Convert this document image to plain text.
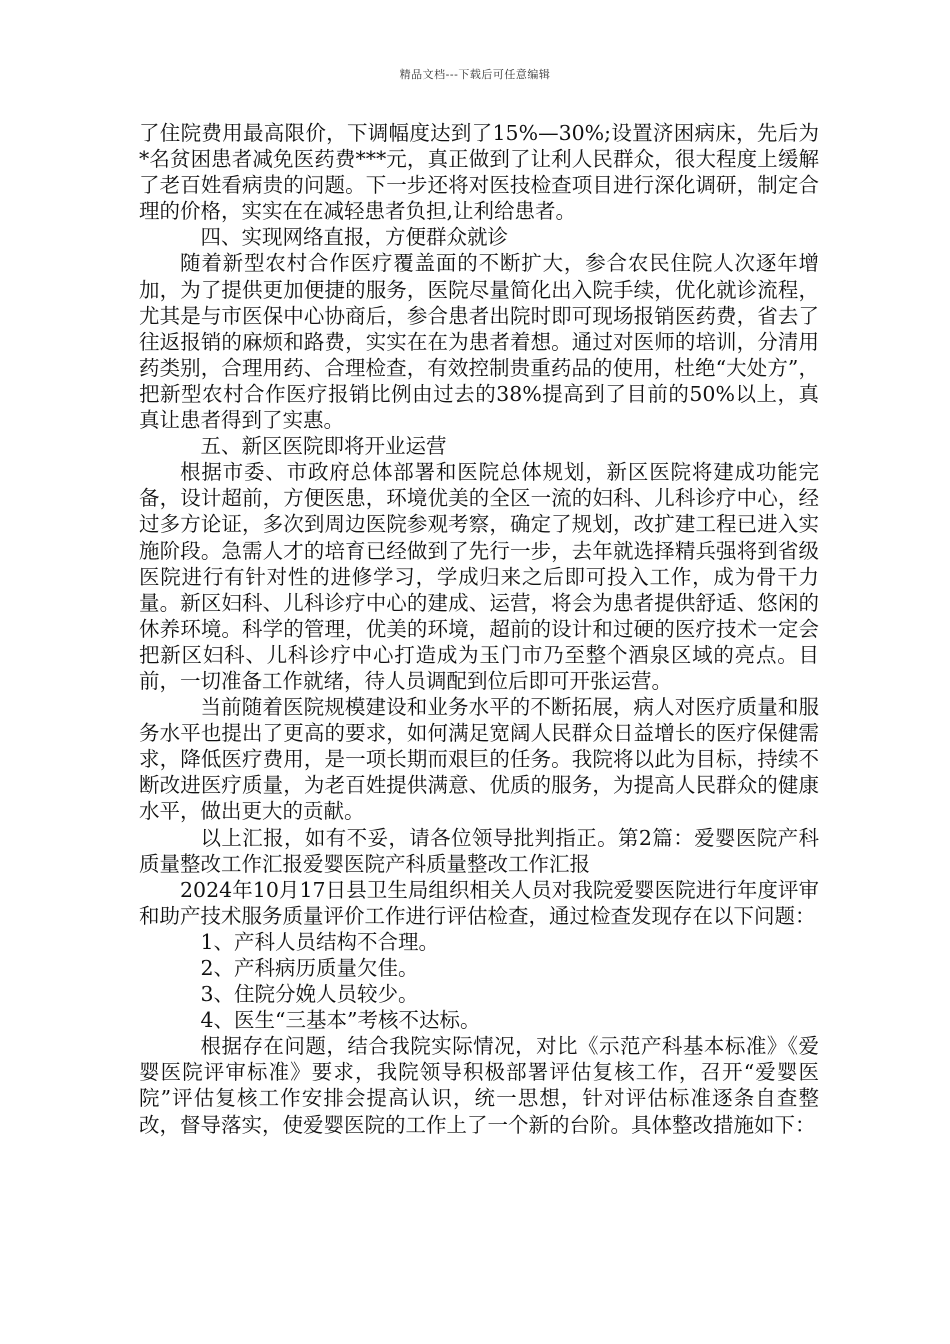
精品文档---下载后可任意编辑

了住院费用最高限价，下调幅度达到了15%—30%;设置济困病床，先后为*名贫困患者减免医药费***元，真正做到了让利人民群众，很大程度上缓解了老百姓看病贵的问题。下一步还将对医技检查项目进行深化调研，制定合理的价格，实实在在减轻患者负担,让利给患者。

四、实现网络直报，方便群众就诊

随着新型农村合作医疗覆盖面的不断扩大，参合农民住院人次逐年增加，为了提供更加便捷的服务，医院尽量简化出入院手续，优化就诊流程，尤其是与市医保中心协商后，参合患者出院时即可现场报销医药费，省去了往返报销的麻烦和路费，实实在在为患者着想。通过对医师的培训，分清用药类别，合理用药、合理检查，有效控制贵重药品的使用，杜绝“大处方”，把新型农村合作医疗报销比例由过去的38%提高到了目前的50%以上，真真让患者得到了实惠。

五、新区医院即将开业运营

根据市委、市政府总体部署和医院总体规划，新区医院将建成功能完备，设计超前，方便医患，环境优美的全区一流的妇科、儿科诊疗中心，经过多方论证，多次到周边医院参观考察，确定了规划，改扩建工程已进入实施阶段。急需人才的培育已经做到了先行一步，去年就选择精兵强将到省级医院进行有针对性的进修学习，学成归来之后即可投入工作，成为骨干力量。新区妇科、儿科诊疗中心的建成、运营，将会为患者提供舒适、悠闲的休养环境。科学的管理，优美的环境，超前的设计和过硬的医疗技术一定会把新区妇科、儿科诊疗中心打造成为玉门市乃至整个酒泉区域的亮点。目前，一切准备工作就绪，待人员调配到位后即可开张运营。

当前随着医院规模建设和业务水平的不断拓展，病人对医疗质量和服务水平也提出了更高的要求，如何满足宽阔人民群众日益增长的医疗保健需求，降低医疗费用，是一项长期而艰巨的任务。我院将以此为目标，持续不断改进医疗质量，为老百姓提供满意、优质的服务，为提高人民群众的健康水平，做出更大的贡献。

以上汇报，如有不妥，请各位领导批判指正。第2篇：爱婴医院产科质量整改工作汇报爱婴医院产科质量整改工作汇报

2024年10月17日县卫生局组织相关人员对我院爱婴医院进行年度评审和助产技术服务质量评价工作进行评估检查，通过检查发现存在以下问题：

1、产科人员结构不合理。

2、产科病历质量欠佳。

3、住院分娩人员较少。

4、医生“三基本”考核不达标。

根据存在问题，结合我院实际情况，对比《示范产科基本标准》《爱婴医院评审标准》要求，我院领导积极部署评估复核工作，召开“爱婴医院”评估复核工作安排会提高认识，统一思想，针对评估标准逐条自查整改，督导落实，使爱婴医院的工作上了一个新的台阶。具体整改措施如下：
